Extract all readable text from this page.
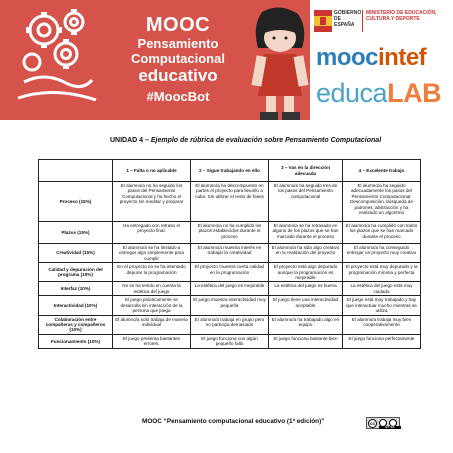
MOOC
Pensamiento
Computacional
educativo
#MoocBot
GOBIERNO DE ESPAÑA
MINISTERIO DE EDUCACIÓN, CULTURA Y DEPORTE
moocintef
educaLAB
UNIDAD 4 – Ejemplo de rúbrica de evaluación sobre Pensamiento Computacional
	1 – Falta o no aplicable	2 – Sigue trabajando en ello	3 – Vas en la dirección adecuada	4 – Excelente trabajo
Proceso (15%)	El alumno/a no ha seguido los pasos del Pensamiento Computacional y ha hecho el proyecto sin meditar y preparar	El alumno/a ha descompuesto en partes el proyecto para llevarlo a cabo. Sin utilizar el resto de fases	El alumno/a ha seguido tres de los pasos del Pensamiento computacional	El alumno/a ha seguido adecuadamente los pasos del Pensamiento Computacional: Descomposición, búsqueda de patrones, abstracción y ha realizado un algoritmo
Plazos (15%)	Ha entregado con retraso el proyecto final.	El alumno/a no ha cumplido los plazos establecidos durante el proceso	El alumno/a se ha retrasado en alguno de los plazos que se han marcado durante el proceso	El alumno/a ha cumplido con todos los plazos que se han marcado durante el proceso
Creatividad (15%)	El alumno/a se ha limitado a entregar algo simplemente para cumplir	El alumno/a muestra interés en trabajar la creatividad	El alumno/a ha sido algo creativo en la realización del proyecto	El alumno/a ha conseguido entregar un proyecto muy creativo
Calidad y depuración del programa (15%)	En el proyecto no se ha intentado depurar la programación	El proyecto muestra cierta calidad en la programación	El proyecto está algo depurado aunque la programación es mejorable	El proyecto está muy depurado y la programación mínima y perfecta
Interfaz (10%)	No se ha tenido en cuenta la estética del juego	La estética del juego es mejorable	La estética del juego es buena	La estética del juego está muy cuidada
Interactividad (10%)	El juego prácticamente se desarrolla sin interacción de la persona que juega	El juego muestra interactividad muy pequeña	El juego tiene una interactividad aceptable	El juego está muy trabajado y hay que interactuar mucho mientras se utiliza
Colaboración entre compañeras y compañeros (10%)	El alumno/a solo trabaja de manera individual	El alumno/a trabaja en grupo pero no participa demasiado	El alumno/a ha trabajado algo en equipo	El alumno/a trabaja muy bien cooperativamente
Funcionamiento (10%)	El juego presenta bastantes errores.	El juego funciona con algún pequeño fallo	El juego funciona bastante bien	El juego funciona perfectamente
MOOC “Pensamiento computacional educativo (1ª edición)”	cc
BY SA
